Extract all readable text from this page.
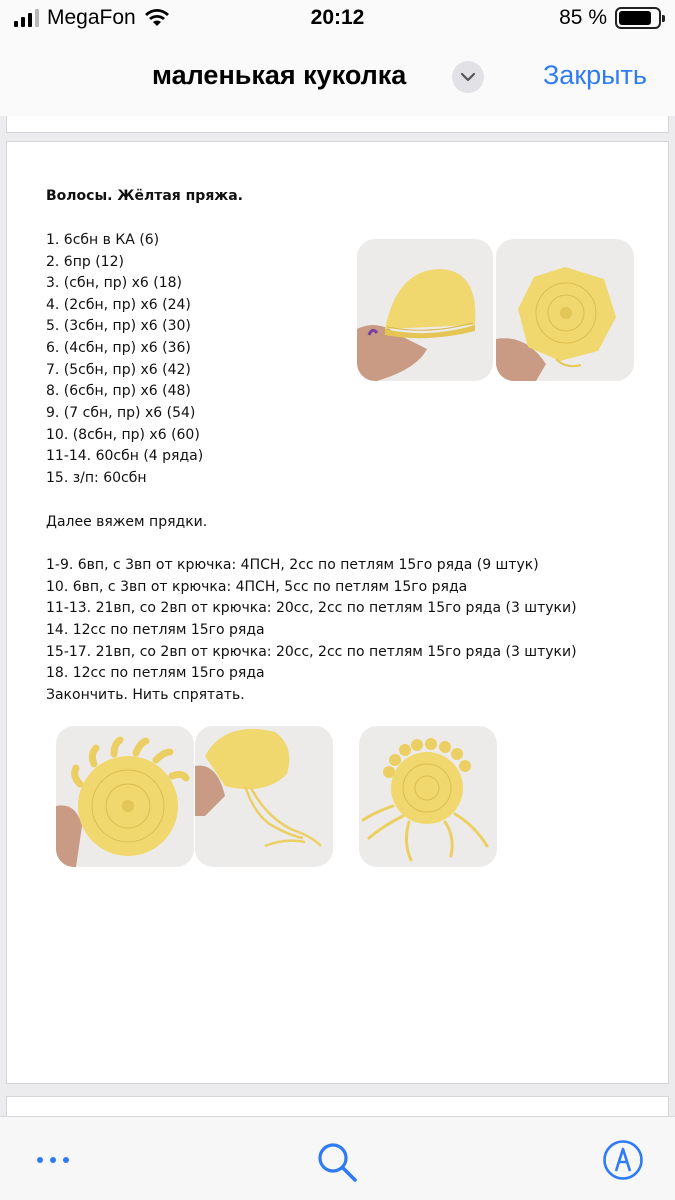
MegaFon	20:12	85 %
маленькая куколка	Закрыть
Волосы. Жёлтая пряжа.
1. 6сбн в КА (6)
2. 6пр (12)
3. (сбн, пр) х6 (18)
4. (2сбн, пр) х6 (24)
5. (3сбн, пр) х6 (30)
6. (4сбн, пр) х6 (36)
7. (5сбн, пр) х6 (42)
8. (6сбн, пр) х6 (48)
9. (7 сбн, пр) х6 (54)
10. (8сбн, пр) х6 (60)
11-14. 60сбн (4 ряда)
15. з/п: 60сбн
Далее вяжем прядки.
1-9. 6вп, с 3вп от крючка: 4ПСН, 2сс по петлям 15го ряда (9 штук)
10. 6вп, с 3вп от крючка: 4ПСН, 5сс по петлям 15го ряда
11-13. 21вп, со 2вп от крючка: 20сс, 2сс по петлям 15го ряда (3 штуки)
14. 12сс по петлям 15го ряда
15-17. 21вп, со 2вп от крючка: 20сс, 2сс по петлям 15го ряда (3 штуки)
18. 12сс по петлям 15го ряда
Закончить. Нить спрятать.
